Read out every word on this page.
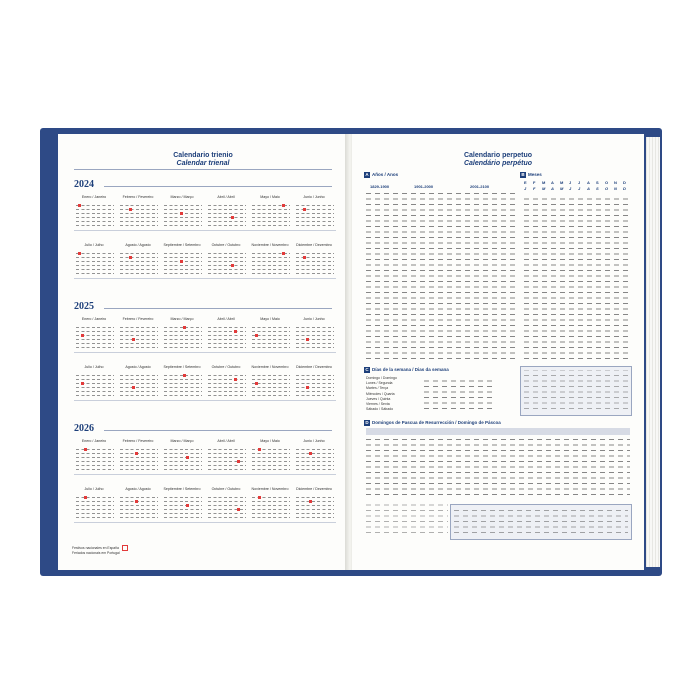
Calendario trienio
Calendar trienal
2024
Enero / Janeiro	Febrero / Fevereiro	Marzo / Março	Abril / Abril	Mayo / Maio	Junio / Junho
Julio / Julho	Agosto / Agosto	Septiembre / Setembro	Octubre / Outubro	Noviembre / Novembro	Diciembre / Dezembro
2025
Enero / Janeiro	Febrero / Fevereiro	Marzo / Março	Abril / Abril	Mayo / Maio	Junio / Junho
Julio / Julho	Agosto / Agosto	Septiembre / Setembro	Octubre / Outubro	Noviembre / Novembro	Diciembre / Dezembro
2026
Enero / Janeiro	Febrero / Fevereiro	Marzo / Março	Abril / Abril	Mayo / Maio	Junio / Junho
Julio / Julho	Agosto / Agosto	Septiembre / Setembro	Octubre / Outubro	Noviembre / Novembro	Diciembre / Dezembro
Festivos nacionales en España
Feriados nacionais em Portugal
Calendario perpetuo
Calendário perpétuo
A Años / Anos
1829-1900	1901-2000	2001-2100
B Meses
E F M A M J J A S O N D
J F M A M J J A S O N D
C Días de la semana / Dias da semana
Domingo / Domingo
Lunes / Segunda
Martes / Terça
Miércoles / Quarta
Jueves / Quinta
Viernes / Sexta
Sábado / Sábado
D Domingos de Pascua de Resurrección / Domingo de Páscoa
